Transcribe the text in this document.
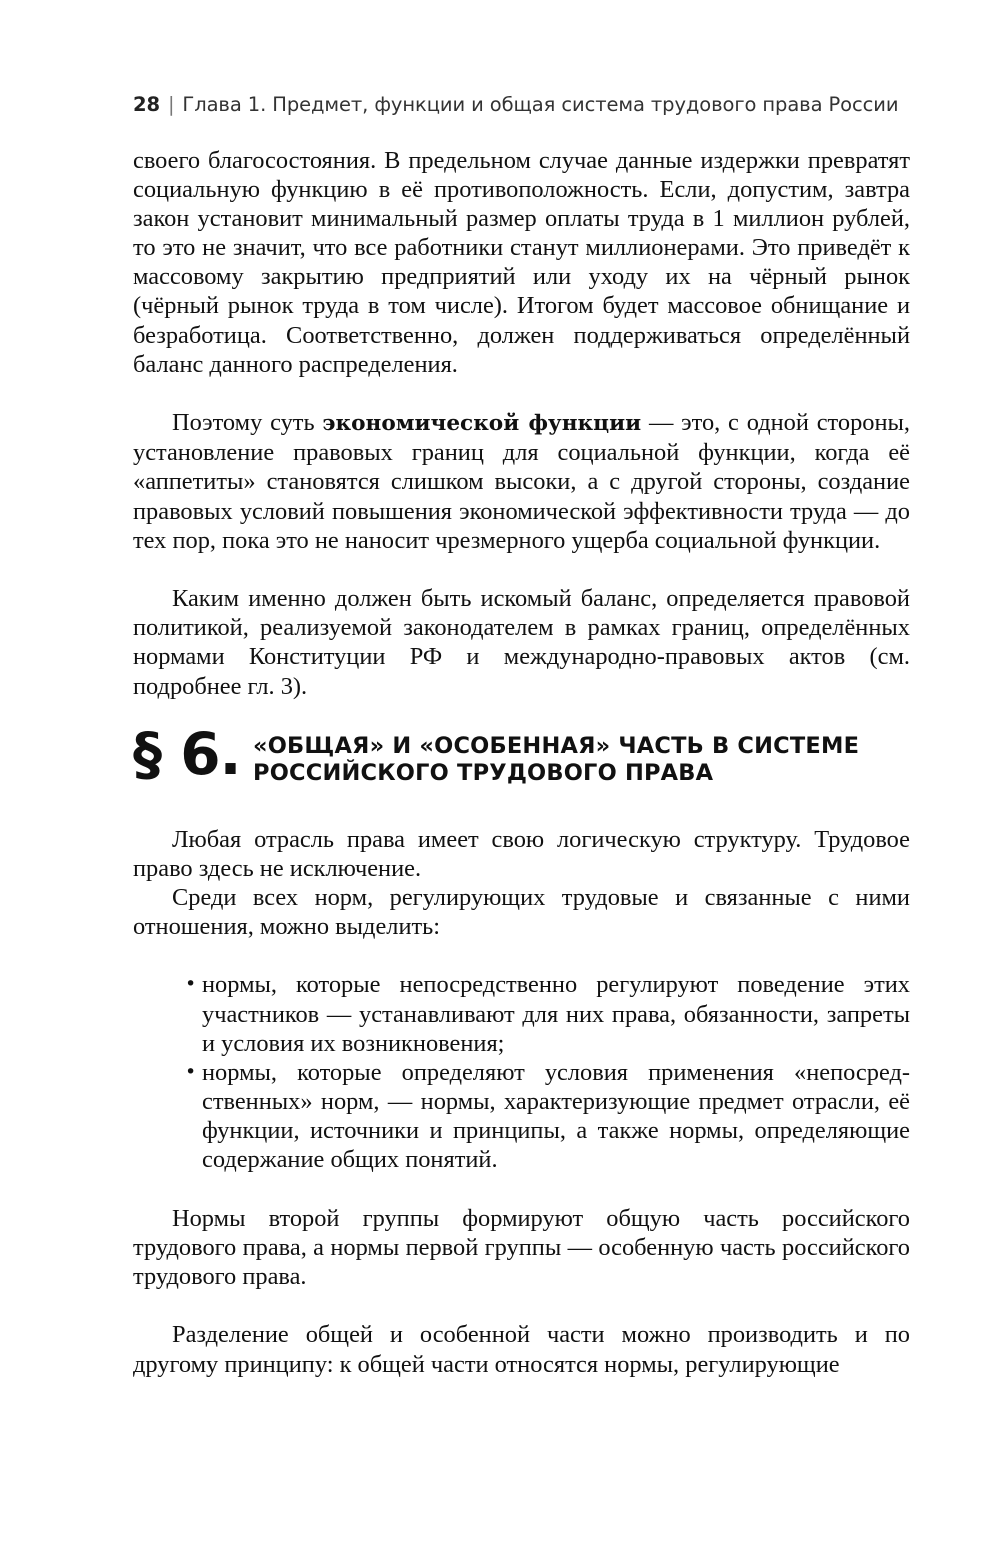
28 | Глава 1. Предмет, функции и общая система трудового права России

своего благосостояния. В предельном случае данные издержки превратят социальную функцию в её противоположность. Если, допустим, завтра закон установит минимальный размер оплаты труда в 1 миллион рублей, то это не значит, что все работники станут миллионерами. Это приведёт к массовому закрытию предприятий или уходу их на чёрный рынок (чёрный рынок труда в том числе). Итогом будет массовое обнищание и безработица. Соответственно, должен поддерживаться определённый баланс данного распределения.

Поэтому суть экономической функции — это, с одной стороны, установление правовых границ для социальной функции, когда её «аппетиты» становятся слишком высоки, а с другой стороны, создание правовых условий повышения экономической эффективности труда — до тех пор, пока это не наносит чрезмерного ущерба социальной функции.

Каким именно должен быть искомый баланс, определяется правовой политикой, реализуемой законодателем в рамках границ, определённых нормами Конституции РФ и международно-правовых актов (см. подробнее гл. 3).

§ 6. «ОБЩАЯ» И «ОСОБЕННАЯ» ЧАСТЬ В СИСТЕМЕ
РОССИЙСКОГО ТРУДОВОГО ПРАВА

Любая отрасль права имеет свою логическую структуру. Трудовое право здесь не исключение.

Среди всех норм, регулирующих трудовые и связанные с ними отношения, можно выделить:

• нормы, которые непосредственно регулируют поведение этих участников — устанавливают для них права, обязанности, запреты и условия их возникновения;
• нормы, которые определяют условия применения «непосредственных» норм, — нормы, характеризующие предмет отрасли, её функции, источники и принципы, а также нормы, определяющие содержание общих понятий.

Нормы второй группы формируют общую часть российского трудового права, а нормы первой группы — особенную часть российского трудового права.

Разделение общей и особенной части можно производить и по другому принципу: к общей части относятся нормы, регулирующие
